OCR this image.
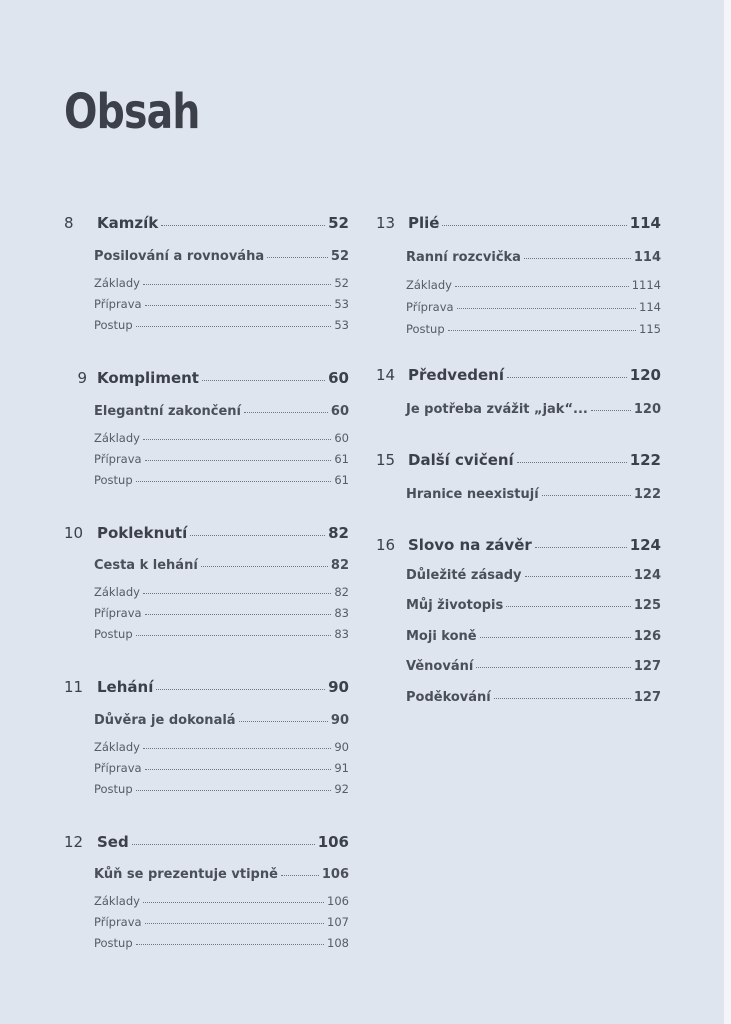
Obsah
8	Kamzík	52
Posilování a rovnováha	52
Základy	52
Příprava	53
Postup	53
9 Kompliment	60
Elegantní zakončení	60
Základy	60
Příprava	61
Postup	61
10 Pokleknutí	82
Cesta k lehání	82
Základy	82
Příprava	83
Postup	83
11 Lehání	90
Důvěra je dokonalá	90
Základy	90
Příprava	91
Postup	92
12 Sed	106
Kůň se prezentuje vtipně	106
Základy	106
Příprava	107
Postup	108
13 Plié	114
Ranní rozcvička	114
Základy	1114
Příprava	114
Postup	115
14 Předvedení	120
Je potřeba zvážit „jak“...	120
15 Další cvičení	122
Hranice neexistují	122
16 Slovo na závěr	124
Důležité zásady	124
Můj životopis	125
Moji koně	126
Věnování	127
Poděkování	127
